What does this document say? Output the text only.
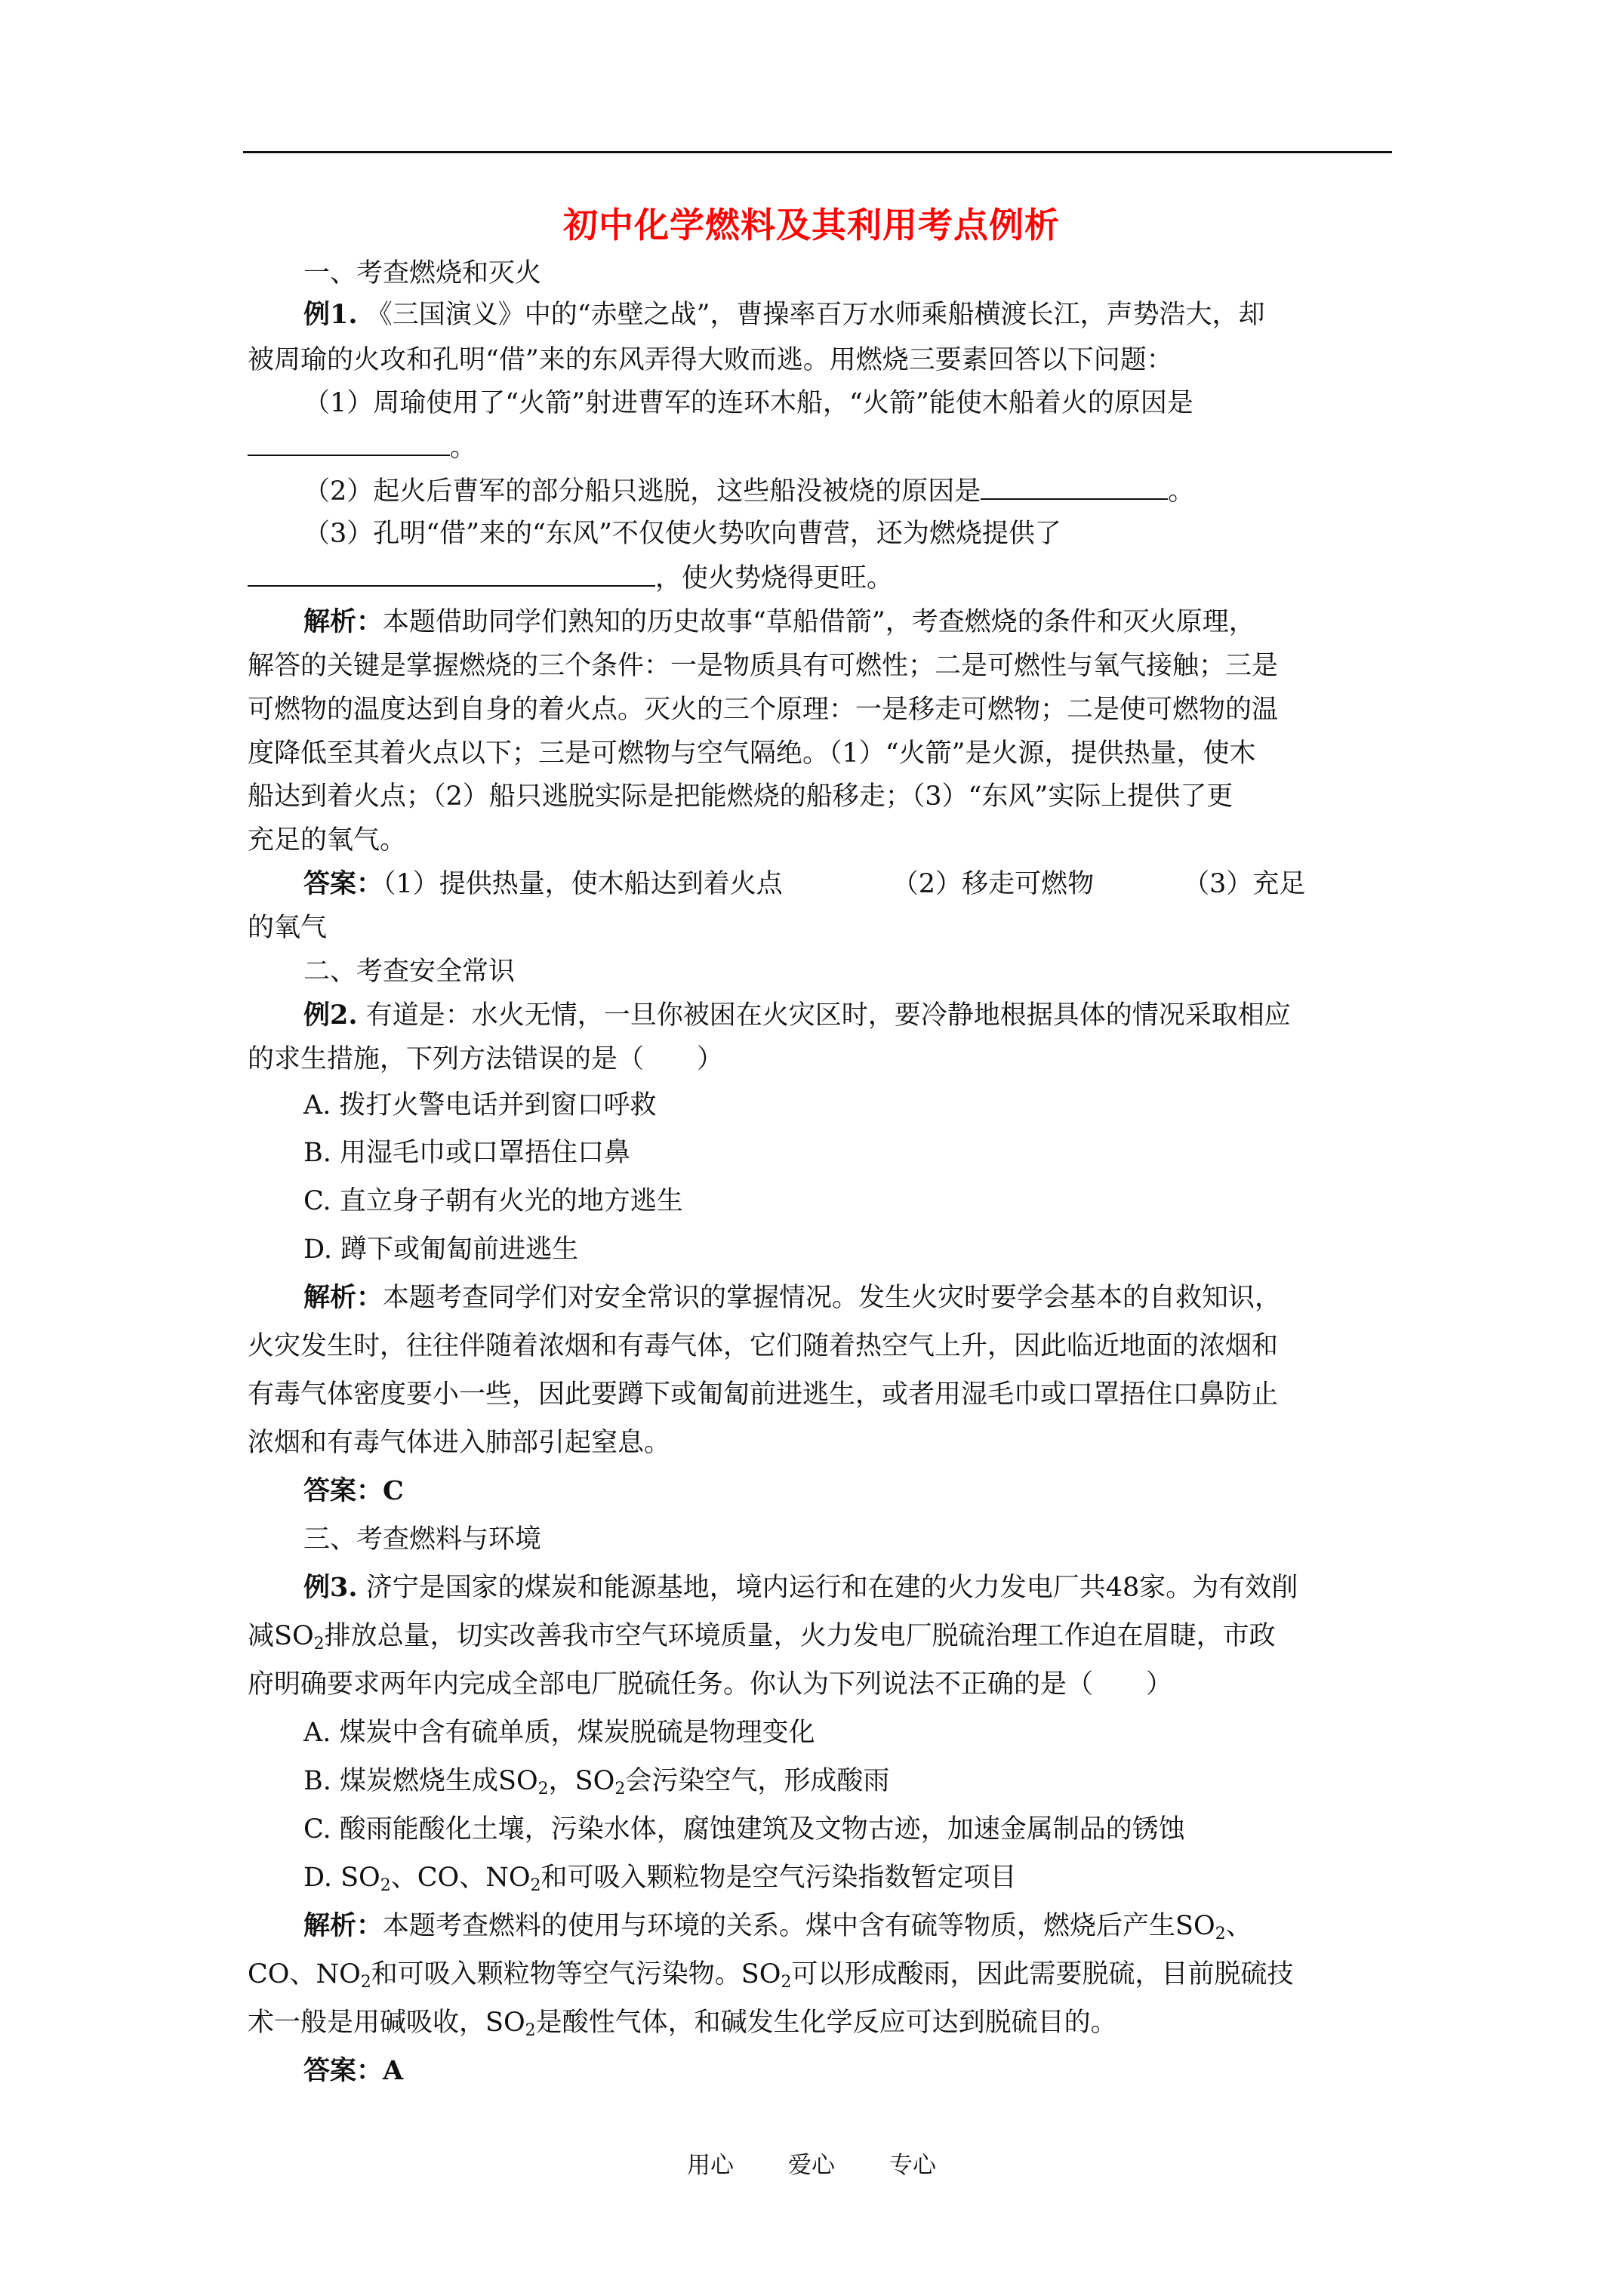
初中化学燃料及其利用考点例析
一、考查燃烧和灭火
例1. 《三国演义》中的“赤壁之战”，曹操率百万水师乘船横渡长江，声势浩大，却
被周瑜的火攻和孔明“借”来的东风弄得大败而逃。用燃烧三要素回答以下问题：
（1）周瑜使用了“火箭”射进曹军的连环木船，“火箭”能使木船着火的原因是
。
（2）起火后曹军的部分船只逃脱，这些船没被烧的原因是	。
（3）孔明“借”来的“东风”不仅使火势吹向曹营，还为燃烧提供了
，使火势烧得更旺。
解析：本题借助同学们熟知的历史故事“草船借箭”，考查燃烧的条件和灭火原理，
解答的关键是掌握燃烧的三个条件：一是物质具有可燃性；二是可燃性与氧气接触；三是
可燃物的温度达到自身的着火点。灭火的三个原理：一是移走可燃物；二是使可燃物的温
度降低至其着火点以下；三是可燃物与空气隔绝。（1）“火箭”是火源，提供热量，使木
船达到着火点；（2）船只逃脱实际是把能燃烧的船移走；（3）“东风”实际上提供了更
充足的氧气。
答案：（1）提供热量，使木船达到着火点	（2）移走可燃物	（3）充足
的氧气
二、考查安全常识
例2. 有道是：水火无情，一旦你被困在火灾区时，要冷静地根据具体的情况采取相应
的求生措施，下列方法错误的是（　　）
A. 拨打火警电话并到窗口呼救
B. 用湿毛巾或口罩捂住口鼻
C. 直立身子朝有火光的地方逃生
D. 蹲下或匍匐前进逃生
解析：本题考查同学们对安全常识的掌握情况。发生火灾时要学会基本的自救知识，
火灾发生时，往往伴随着浓烟和有毒气体，它们随着热空气上升，因此临近地面的浓烟和
有毒气体密度要小一些，因此要蹲下或匍匐前进逃生，或者用湿毛巾或口罩捂住口鼻防止
浓烟和有毒气体进入肺部引起窒息。
答案：C
三、考查燃料与环境
例3. 济宁是国家的煤炭和能源基地，境内运行和在建的火力发电厂共48家。为有效削
减$SO_2$排放总量，切实改善我市空气环境质量，火力发电厂脱硫治理工作迫在眉睫，市政
府明确要求两年内完成全部电厂脱硫任务。你认为下列说法不正确的是（　　）
A. 煤炭中含有硫单质，煤炭脱硫是物理变化
B. 煤炭燃烧生成$SO_2$，$SO_2$会污染空气，形成酸雨
C. 酸雨能酸化土壤，污染水体，腐蚀建筑及文物古迹，加速金属制品的锈蚀
D. $SO_2$、CO、$NO_2$和可吸入颗粒物是空气污染指数暂定项目
解析：本题考查燃料的使用与环境的关系。煤中含有硫等物质，燃烧后产生$SO_2$、
CO、$NO_2$和可吸入颗粒物等空气污染物。$SO_2$可以形成酸雨，因此需要脱硫，目前脱硫技
术一般是用碱吸收，$SO_2$是酸性气体，和碱发生化学反应可达到脱硫目的。
答案：A
用心 爱心 专心
